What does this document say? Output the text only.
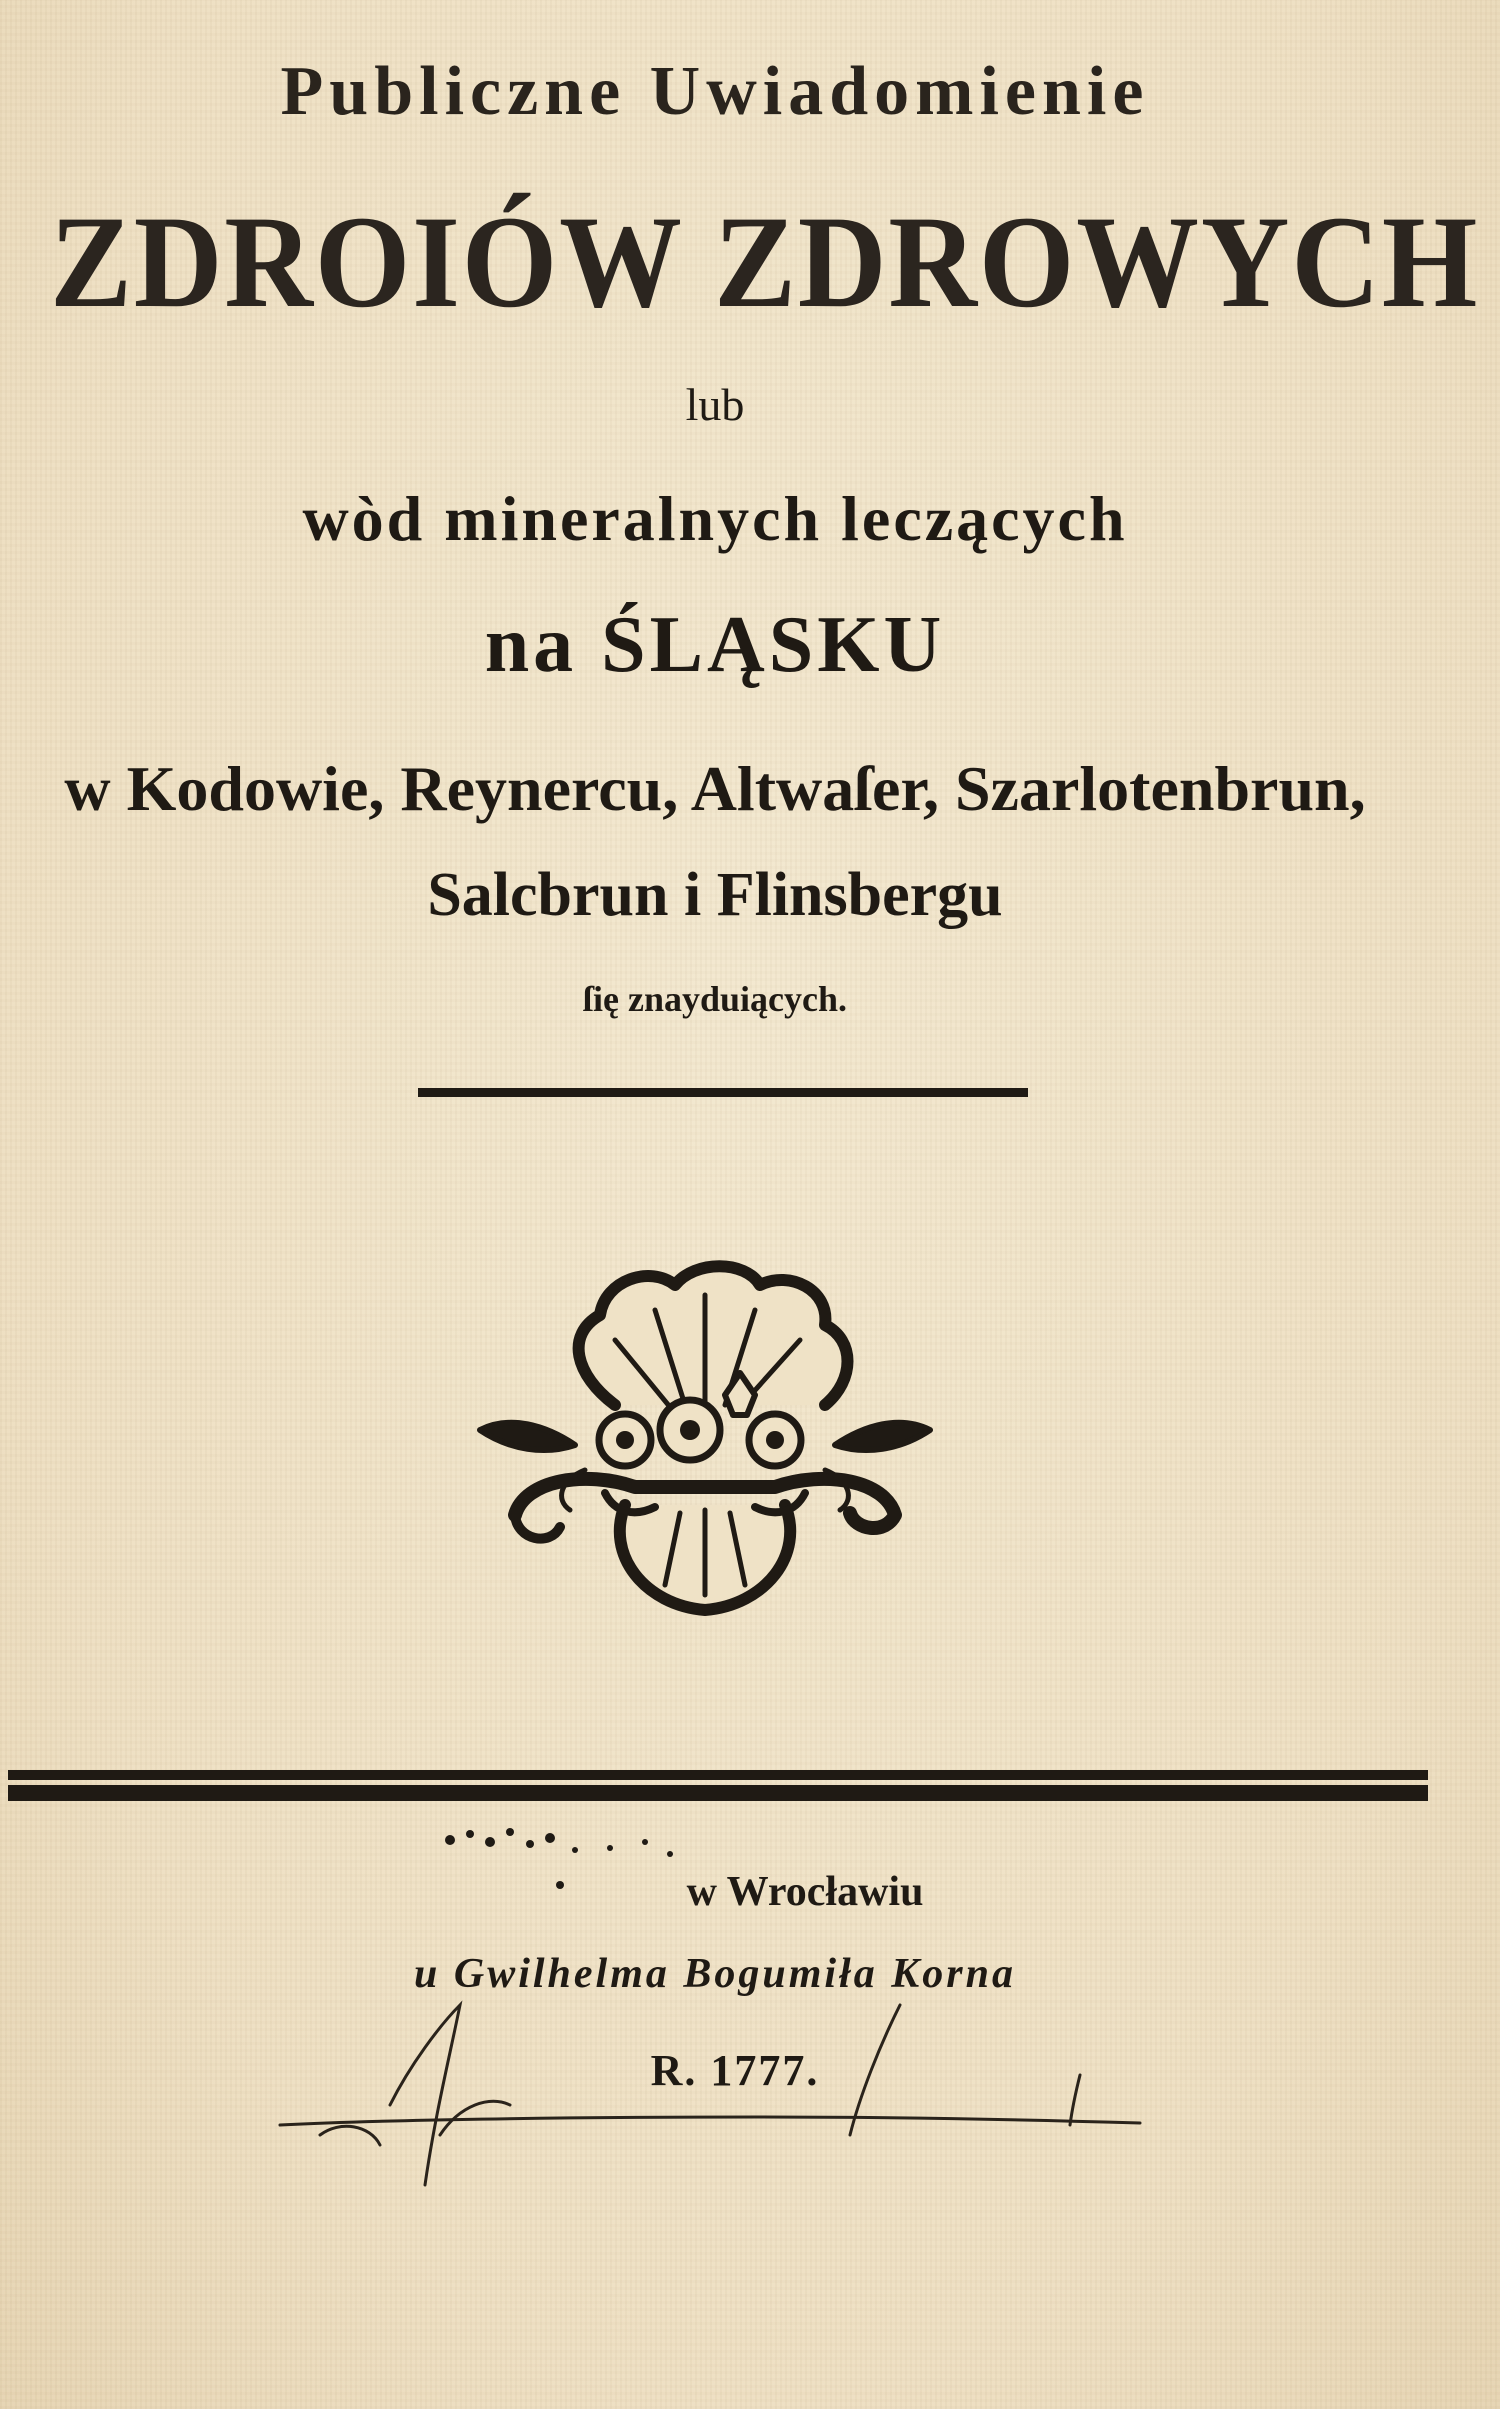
Publiczne Uwiadomienie
ZDROIÓW ZDROWYCH
lub
wòd mineralnych leczących
na ŚLĄSKU
w Kodowie, Reynercu, Altwaſer, Szarlotenbrun,
Salcbrun i Flinsbergu
ſię znayduiących.
w Wrocławiu
u Gwilhelma Bogumiła Korna
R. 1777.
